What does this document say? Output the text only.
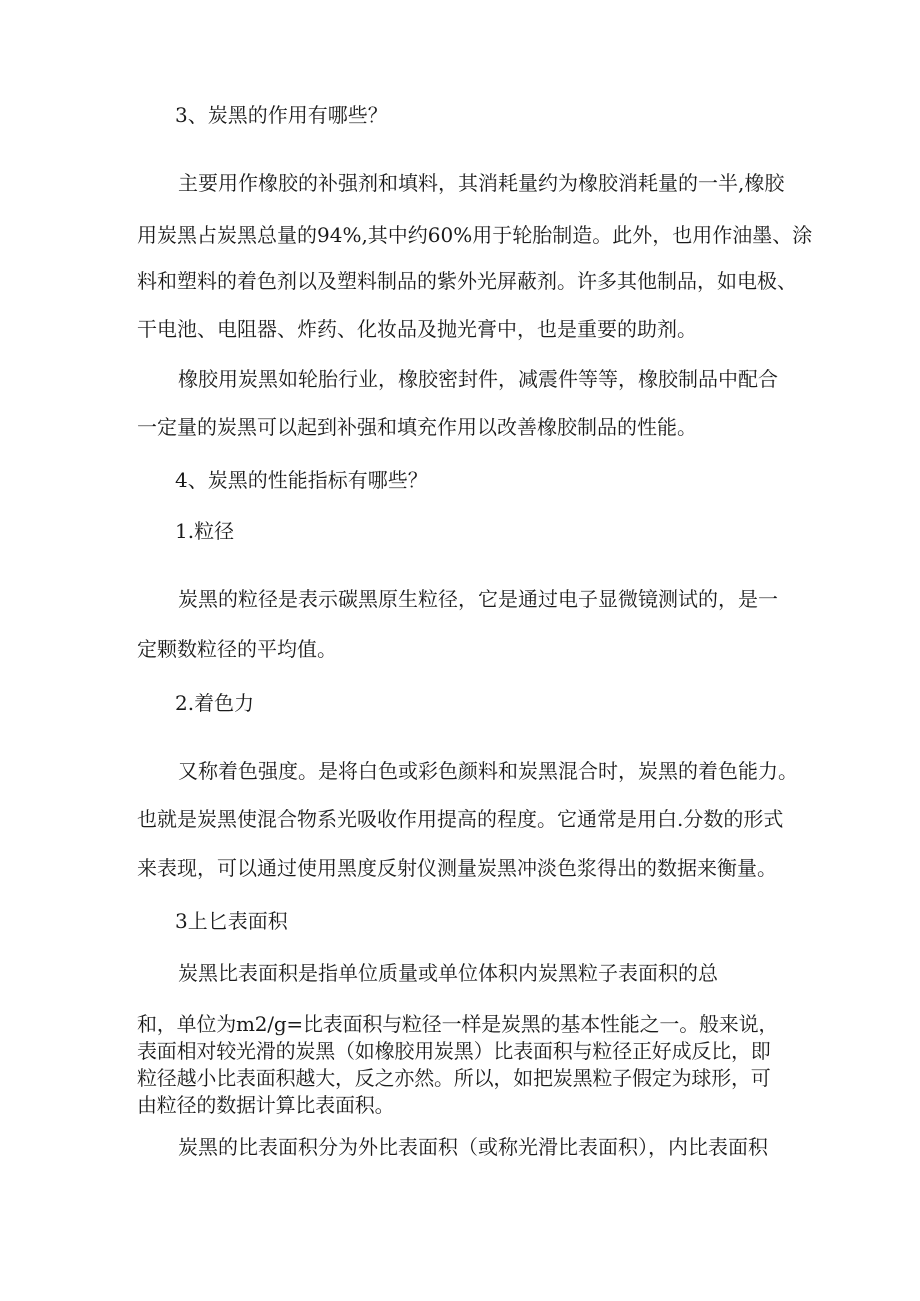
3、炭黑的作用有哪些？
主要用作橡胶的补强剂和填料，其消耗量约为橡胶消耗量的一半,橡胶
用炭黑占炭黑总量的94%,其中约60%用于轮胎制造。此外，也用作油墨、涂
料和塑料的着色剂以及塑料制品的紫外光屏蔽剂。许多其他制品，如电极、
干电池、电阻器、炸药、化妆品及抛光膏中，也是重要的助剂。
橡胶用炭黑如轮胎行业，橡胶密封件，减震件等等，橡胶制品中配合
一定量的炭黑可以起到补强和填充作用以改善橡胶制品的性能。
4、炭黑的性能指标有哪些？
1.粒径
炭黑的粒径是表示碳黑原生粒径，它是通过电子显微镜测试的，是一
定颗数粒径的平均值。
2.着色力
又称着色强度。是将白色或彩色颜料和炭黑混合时，炭黑的着色能力。
也就是炭黑使混合物系光吸收作用提高的程度。它通常是用白.分数的形式
来表现，可以通过使用黑度反射仪测量炭黑冲淡色浆得出的数据来衡量。
3上匕表面积
炭黑比表面积是指单位质量或单位体积内炭黑粒子表面积的总
和，单位为m2/g=比表面积与粒径一样是炭黑的基本性能之一。般来说，
表面相对较光滑的炭黑（如橡胶用炭黑）比表面积与粒径正好成反比，即
粒径越小比表面积越大，反之亦然。所以，如把炭黑粒子假定为球形，可
由粒径的数据计算比表面积。
炭黑的比表面积分为外比表面积（或称光滑比表面积），内比表面积
